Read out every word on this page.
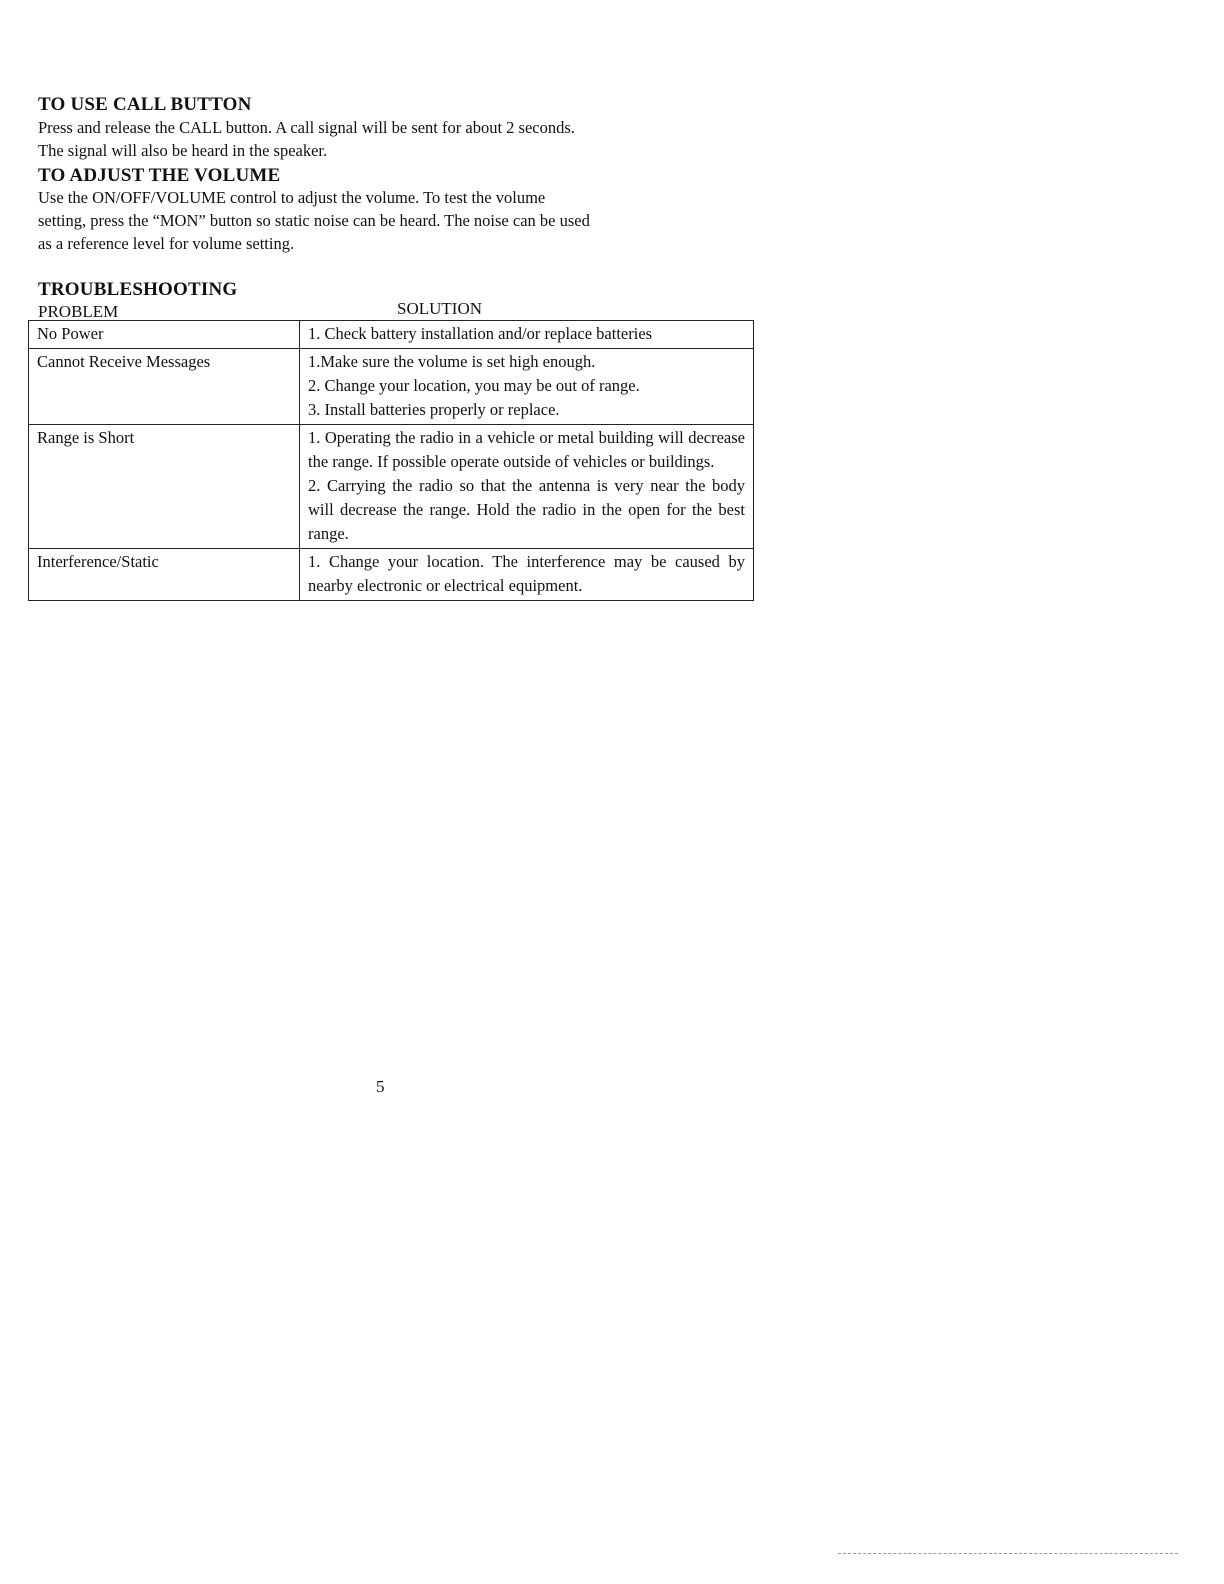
TO USE CALL BUTTON

Press and release the CALL button. A call signal will be sent for about 2 seconds.
The signal will also be heard in the speaker.

TO ADJUST THE VOLUME

Use the ON/OFF/VOLUME control to adjust the volume. To test the volume
setting, press the “MON” button so static noise can be heard. The noise can be used
as a reference level for volume setting.

TROUBLESHOOTING
PROBLEM	SOLUTION
No Power	1. Check battery installation and/or replace batteries

Cannot Receive Messages	1.Make sure the volume is set high enough.
2. Change your location, you may be out of range.
3. Install batteries properly or replace.

Range is Short	1. Operating the radio in a vehicle or metal building will decrease the range. If possible operate outside of vehicles or buildings.
2. Carrying the radio so that the antenna is very near the body will decrease the range. Hold the radio in the open for the best range.

Interference/Static	1. Change your location. The interference may be caused by nearby electronic or electrical equipment.
5
